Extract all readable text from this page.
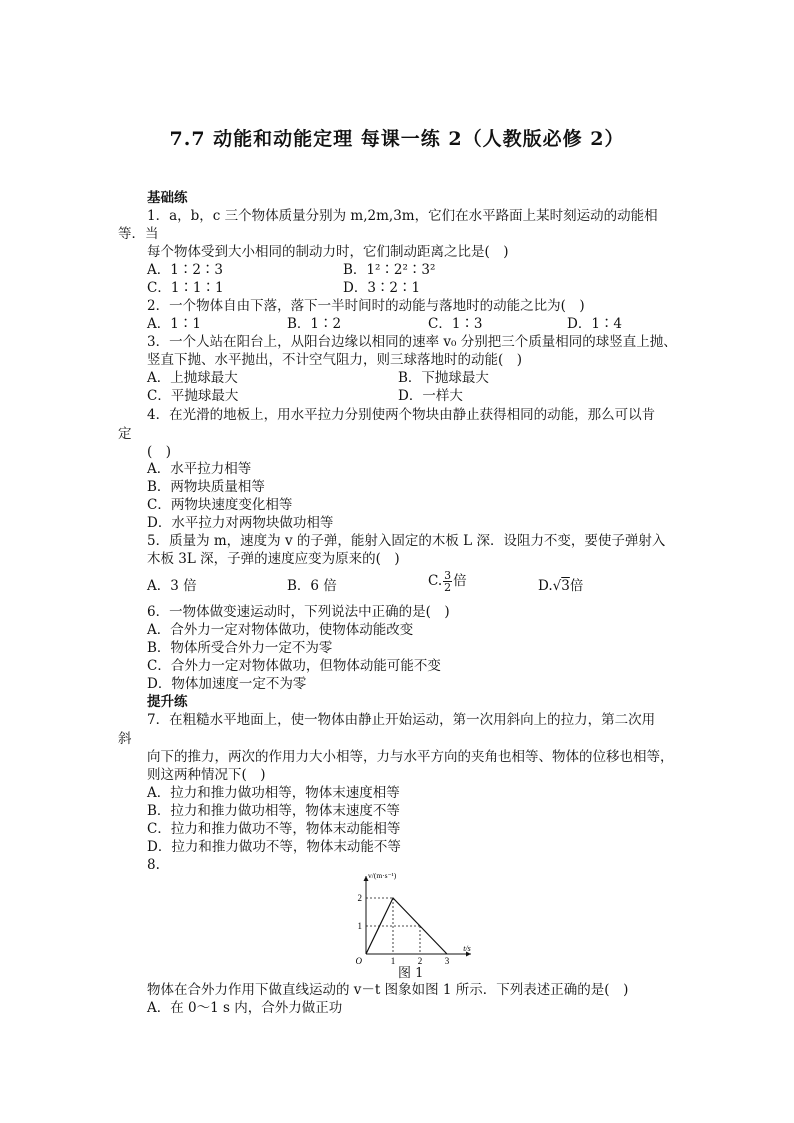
7.7 动能和动能定理 每课一练 2（人教版必修 2）
基础练
1．a，b，c 三个物体质量分别为 m,2m,3m，它们在水平路面上某时刻运动的动能相
等．当
每个物体受到大小相同的制动力时，它们制动距离之比是(　)
A．1∶2∶3	B．1²∶2²∶3²
C．1∶1∶1	D．3∶2∶1
2．一个物体自由下落，落下一半时间时的动能与落地时的动能之比为(　)
A．1∶1	B．1∶2	C．1∶3	D．1∶4
3．一个人站在阳台上，从阳台边缘以相同的速率 v₀ 分别把三个质量相同的球竖直上抛、
竖直下抛、水平抛出，不计空气阻力，则三球落地时的动能(　)
A．上抛球最大	B．下抛球最大
C．平抛球最大	D．一样大
4．在光滑的地板上，用水平拉力分别使两个物块由静止获得相同的动能，那么可以肯
定
(　)
A．水平拉力相等
B．两物块质量相等
C．两物块速度变化相等
D．水平拉力对两物块做功相等
5．质量为 m，速度为 v 的子弹，能射入固定的木板 L 深．设阻力不变，要使子弹射入
木板 3L 深，子弹的速度应变为原来的(　)
A．3 倍	B．6 倍	C. $\frac{3}{2}$ 倍	D.√3倍
6．一物体做变速运动时，下列说法中正确的是(　)
A．合外力一定对物体做功，使物体动能改变
B．物体所受合外力一定不为零
C．合外力一定对物体做功，但物体动能可能不变
D．物体加速度一定不为零
提升练
7．在粗糙水平地面上，使一物体由静止开始运动，第一次用斜向上的拉力，第二次用
斜
向下的推力，两次的作用力大小相等，力与水平方向的夹角也相等、物体的位移也相等，
则这两种情况下(　)
A．拉力和推力做功相等，物体末速度相等
B．拉力和推力做功相等，物体末速度不等
C．拉力和推力做功不等，物体末动能相等
D．拉力和推力做功不等，物体末动能不等
8.
1	2	3
1
2
O
t/s
v/(m·s⁻¹)
图 1
物体在合外力作用下做直线运动的 v－t 图象如图 1 所示．下列表述正确的是(　)
A．在 0～1 s 内，合外力做正功
